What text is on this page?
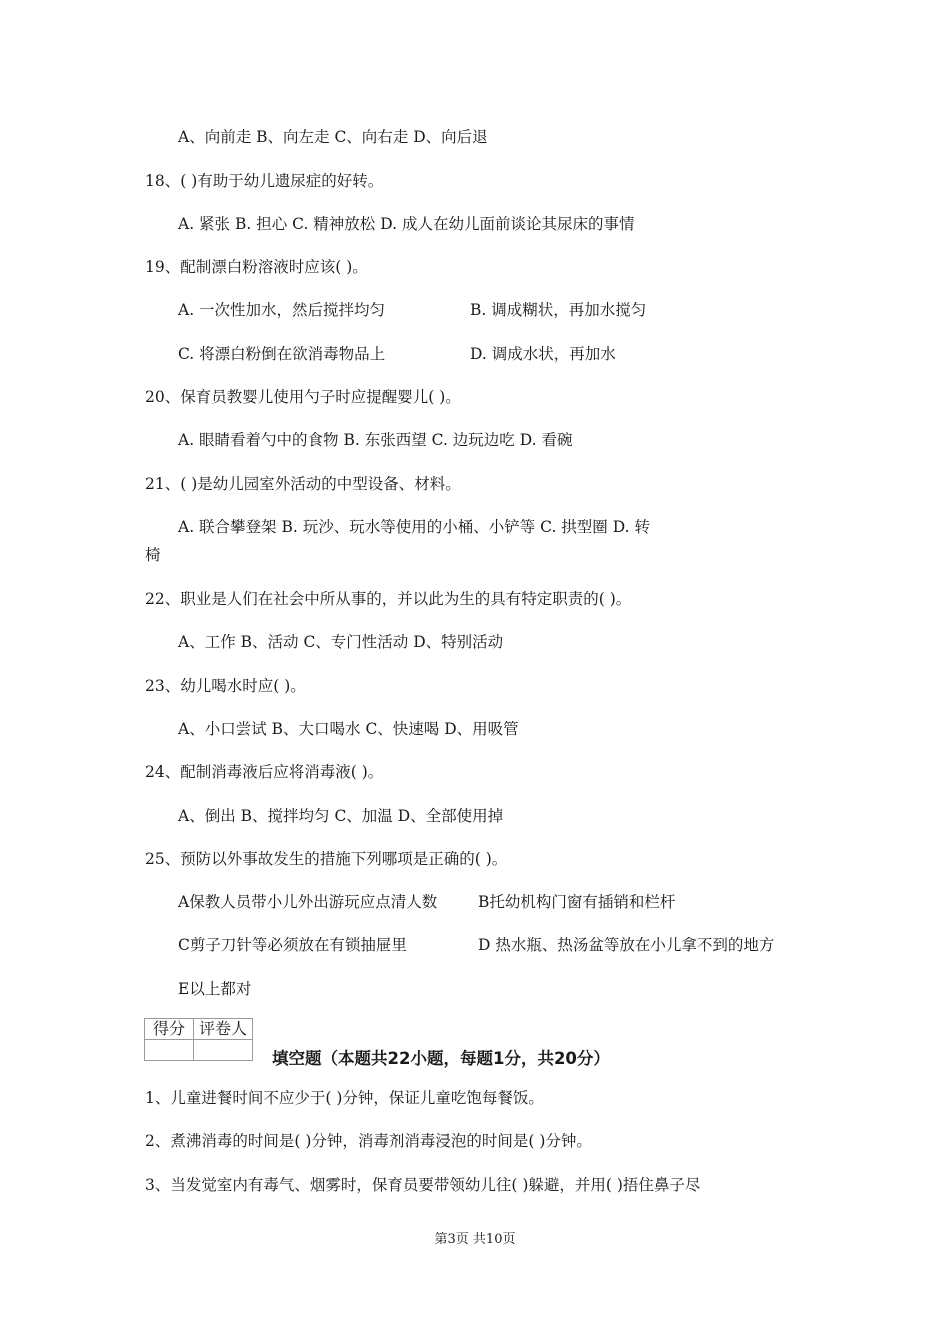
A、向前走 B、向左走 C、向右走 D、向后退
18、( )有助于幼儿遗尿症的好转。
A. 紧张 B. 担心 C. 精神放松 D. 成人在幼儿面前谈论其尿床的事情
19、配制漂白粉溶液时应该( )。
A. 一次性加水，然后搅拌均匀	B. 调成糊状，再加水搅匀
C. 将漂白粉倒在欲消毒物品上	D. 调成水状，再加水
20、保育员教婴儿使用勺子时应提醒婴儿( )。
A. 眼睛看着勺中的食物 B. 东张西望 C. 边玩边吃 D. 看碗
21、( )是幼儿园室外活动的中型设备、材料。
A. 联合攀登架 B. 玩沙、玩水等使用的小桶、小铲等 C. 拱型圈 D. 转
椅
22、职业是人们在社会中所从事的，并以此为生的具有特定职责的( )。
A、工作 B、活动 C、专门性活动 D、特别活动
23、幼儿喝水时应( )。
A、小口尝试 B、大口喝水 C、快速喝 D、用吸管
24、配制消毒液后应将消毒液( )。
A、倒出 B、搅拌均匀 C、加温 D、全部使用掉
25、预防以外事故发生的措施下列哪项是正确的( )。
A保教人员带小儿外出游玩应点清人数	B托幼机构门窗有插销和栏杆
C剪子刀针等必须放在有锁抽屉里	D 热水瓶、热汤盆等放在小儿拿不到的地方
E以上都对
得分	评卷人

填空题（本题共22小题，每题1分，共20分）
1、儿童进餐时间不应少于( )分钟，保证儿童吃饱每餐饭。
2、煮沸消毒的时间是( )分钟，消毒剂消毒浸泡的时间是( )分钟。
3、当发觉室内有毒气、烟雾时，保育员要带领幼儿往( )躲避，并用( )捂住鼻子尽
第3页 共10页
